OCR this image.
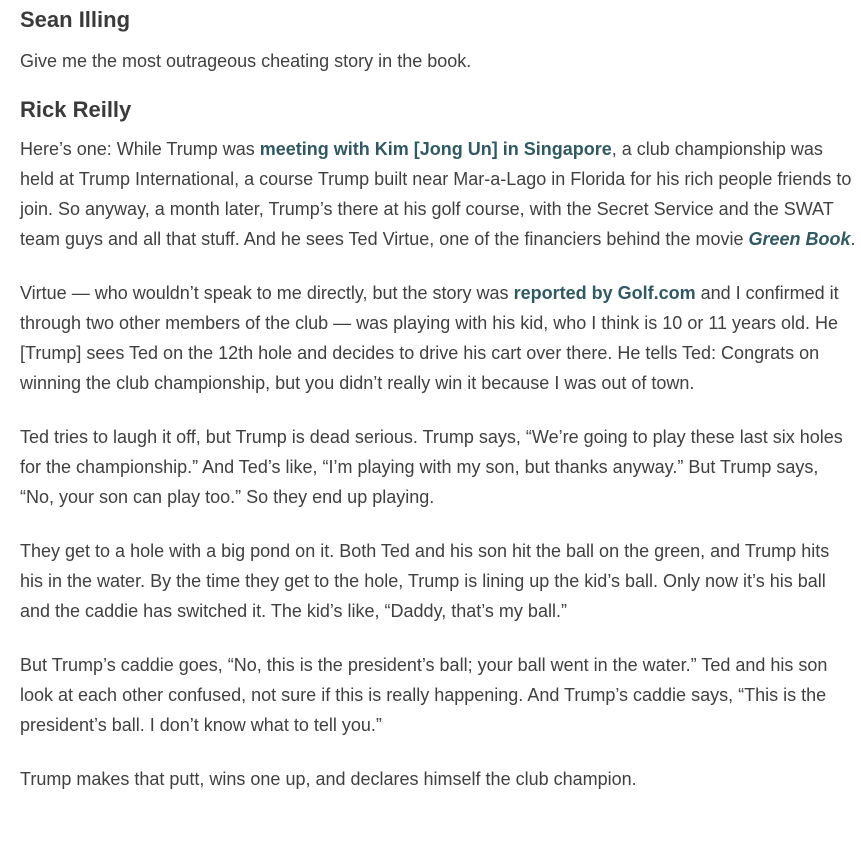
Sean Illing

Give me the most outrageous cheating story in the book.

Rick Reilly

Here’s one: While Trump was meeting with Kim [Jong Un] in Singapore, a club championship was held at Trump International, a course Trump built near Mar-a-Lago in Florida for his rich people friends to join. So anyway, a month later, Trump’s there at his golf course, with the Secret Service and the SWAT team guys and all that stuff. And he sees Ted Virtue, one of the financiers behind the movie Green Book.

Virtue — who wouldn’t speak to me directly, but the story was reported by Golf.com and I confirmed it through two other members of the club — was playing with his kid, who I think is 10 or 11 years old. He [Trump] sees Ted on the 12th hole and decides to drive his cart over there. He tells Ted: Congrats on winning the club championship, but you didn’t really win it because I was out of town.

Ted tries to laugh it off, but Trump is dead serious. Trump says, “We’re going to play these last six holes for the championship.” And Ted’s like, “I’m playing with my son, but thanks anyway.” But Trump says, “No, your son can play too.” So they end up playing.

They get to a hole with a big pond on it. Both Ted and his son hit the ball on the green, and Trump hits his in the water. By the time they get to the hole, Trump is lining up the kid’s ball. Only now it’s his ball and the caddie has switched it. The kid’s like, “Daddy, that’s my ball.”

But Trump’s caddie goes, “No, this is the president’s ball; your ball went in the water.” Ted and his son look at each other confused, not sure if this is really happening. And Trump’s caddie says, “This is the president’s ball. I don’t know what to tell you.”

Trump makes that putt, wins one up, and declares himself the club champion.
